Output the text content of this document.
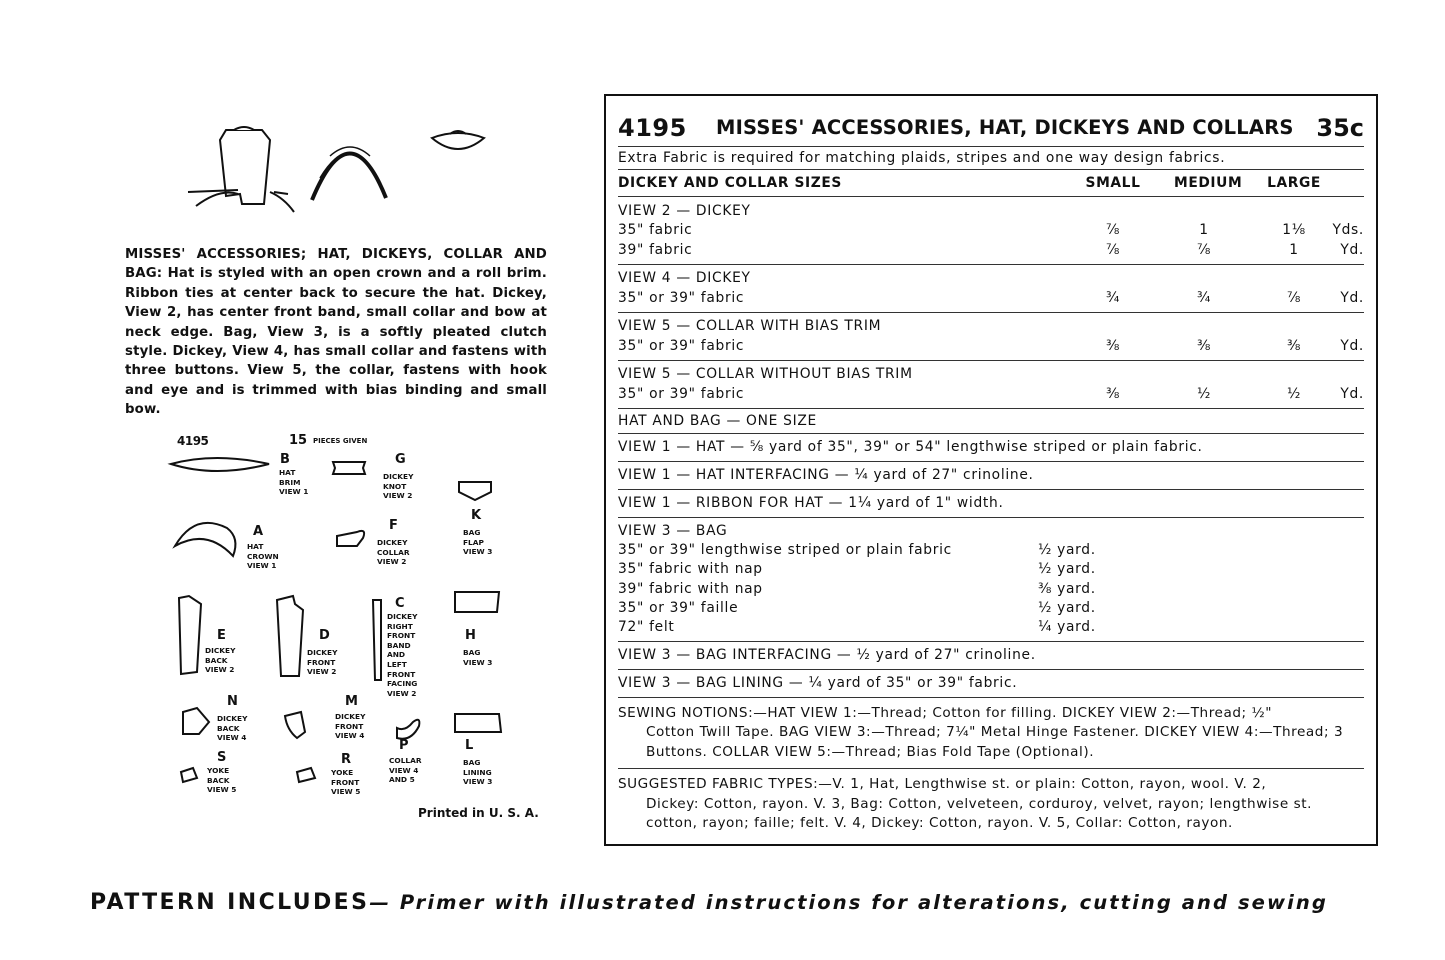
MISSES' ACCESSORIES; HAT, DICKEYS, COLLAR AND BAG: Hat is styled with an open crown and a roll brim. Ribbon ties at center back to secure the hat. Dickey, View 2, has center front band, small collar and bow at neck edge. Bag, View 3, is a softly pleated clutch style. Dickey, View 4, has small collar and fastens with three buttons. View 5, the collar, fastens with hook and eye and is trimmed with bias binding and small bow.
4195	15 PIECES GIVEN
B
HAT
BRIM
VIEW 1
G
DICKEY
KNOT
VIEW 2
K
BAG
FLAP
VIEW 3
A
HAT
CROWN
VIEW 1
F
DICKEY
COLLAR
VIEW 2
E
DICKEY
BACK
VIEW 2
D
DICKEY
FRONT
VIEW 2
C
DICKEY
RIGHT
FRONT
BAND
AND
LEFT
FRONT
FACING
VIEW 2
H
BAG
VIEW 3
N
DICKEY
BACK
VIEW 4
M
DICKEY
FRONT
VIEW 4
P
COLLAR
VIEW 4
AND 5
L
BAG
LINING
VIEW 3
S
YOKE
BACK
VIEW 5
R
YOKE
FRONT
VIEW 5
Printed in U. S. A.
4195	MISSES' ACCESSORIES, HAT, DICKEYS AND COLLARS 35c
Extra Fabric is required for matching plaids, stripes and one way design fabrics.
DICKEY AND COLLAR SIZES	SMALL MEDIUM LARGE
VIEW 2 — DICKEY
35" fabric	⅞	1	1⅛	Yds.
39" fabric	⅞	⅞	1	Yd.
VIEW 4 — DICKEY
35" or 39" fabric	¾	¾	⅞	Yd.
VIEW 5 — COLLAR WITH BIAS TRIM
35" or 39" fabric	⅜	⅜	⅜	Yd.
VIEW 5 — COLLAR WITHOUT BIAS TRIM
35" or 39" fabric	⅜	½	½	Yd.
HAT AND BAG — ONE SIZE
VIEW 1 — HAT — ⅝ yard of 35", 39" or 54" lengthwise striped or plain fabric.
VIEW 1 — HAT INTERFACING — ¼ yard of 27" crinoline.
VIEW 1 — RIBBON FOR HAT — 1¼ yard of 1" width.
VIEW 3 — BAG
35" or 39" lengthwise striped or plain fabric	½ yard.
35" fabric with nap	½ yard.
39" fabric with nap	⅜ yard.
35" or 39" faille	½ yard.
72" felt	¼ yard.
VIEW 3 — BAG INTERFACING — ½ yard of 27" crinoline.
VIEW 3 — BAG LINING — ¼ yard of 35" or 39" fabric.
SEWING NOTIONS:—HAT VIEW 1:—Thread; Cotton for filling. DICKEY VIEW 2:—Thread; ½"
Cotton Twill Tape. BAG VIEW 3:—Thread; 7¼" Metal Hinge Fastener. DICKEY VIEW 4:—Thread; 3 Buttons. COLLAR VIEW 5:—Thread; Bias Fold Tape (Optional).
SUGGESTED FABRIC TYPES:—V. 1, Hat, Lengthwise st. or plain: Cotton, rayon, wool. V. 2,
Dickey: Cotton, rayon. V. 3, Bag: Cotton, velveteen, corduroy, velvet, rayon; lengthwise st. cotton, rayon; faille; felt. V. 4, Dickey: Cotton, rayon. V. 5, Collar: Cotton, rayon.
PATTERN INCLUDES— Primer with illustrated instructions for alterations, cutting and sewing
